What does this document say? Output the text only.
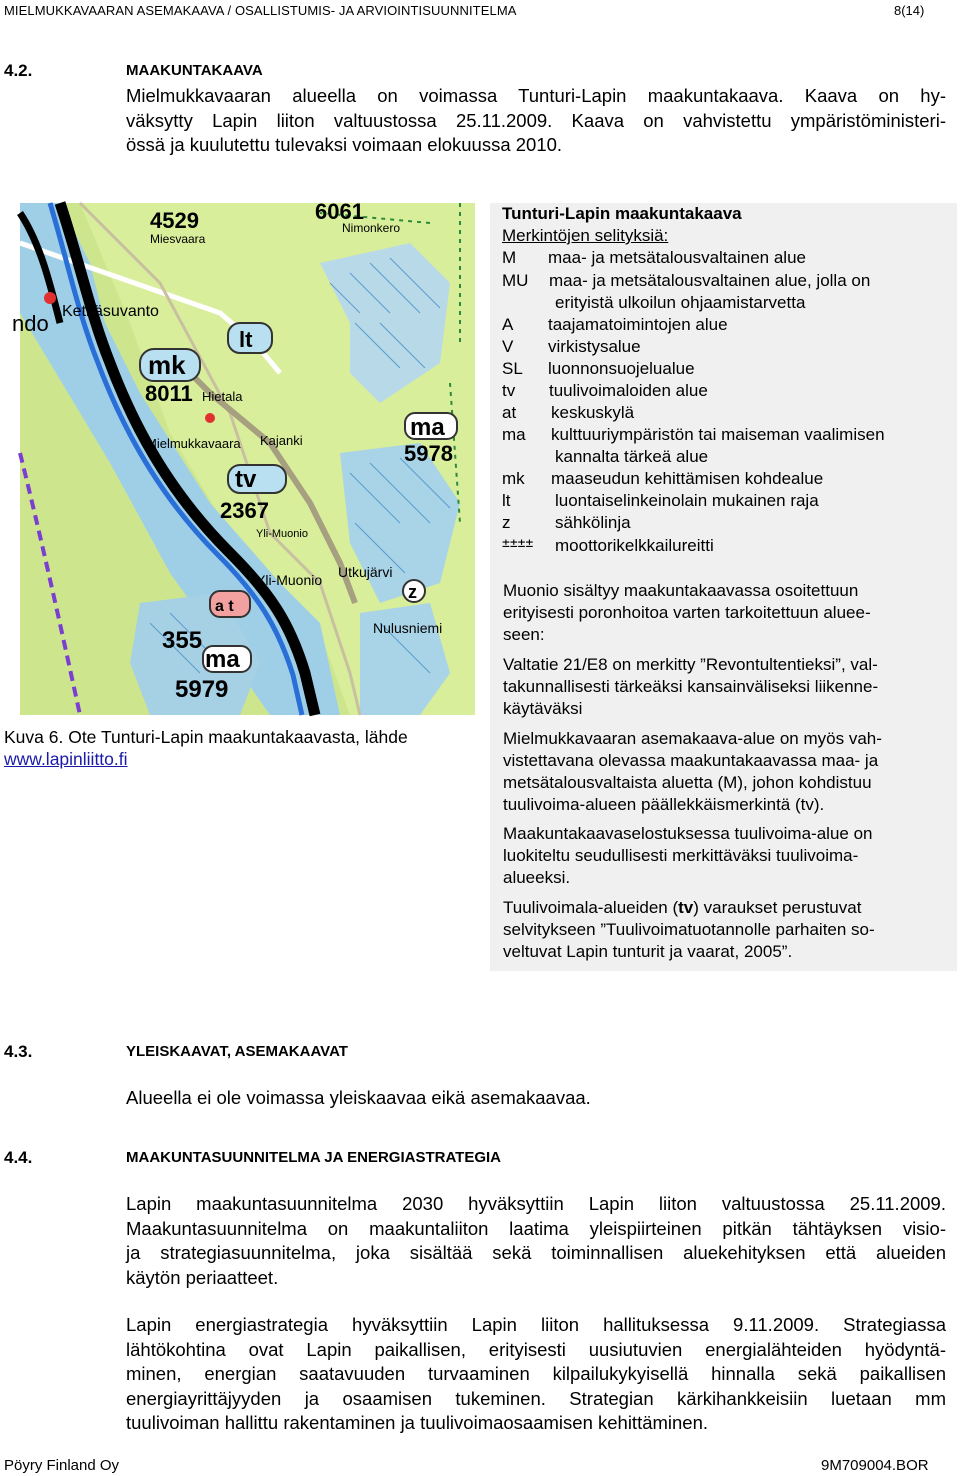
MIELMUKKAVAARAN ASEMAKAAVA / OSALLISTUMIS- JA ARVIOINTISUUNNITELMA	8(14)
4.2.	MAAKUNTAKAAVA
Mielmukkavaaran alueella on voimassa Tunturi-Lapin maakuntakaava. Kaava on hy-
väksytty Lapin liiton valtuustossa 25.11.2009. Kaava on vahvistettu ympäristöministeri-
össä ja kuulutettu tulevaksi voimaan elokuussa 2010.
4529
Miesvaara
6061
Nimonkero
ndo Ketkäsuvanto
lt
mk
8011 Hietala
Kajanki
Mielmukkavaara
ma
5978
tv
2367
Yli-Muonio
Yli-Muonio Utkujärvi
z
a t
355
ma
5979
Nulusniemi
Kuva 6. Ote Tunturi-Lapin maakuntakaavasta, lähde
www.lapinliitto.fi
Tunturi-Lapin maakuntakaava
Merkintöjen selityksiä:
M maa- ja metsätalousvaltainen alue
MU maa- ja metsätalousvaltainen alue, jolla on
erityistä ulkoilun ohjaamistarvetta
A taajamatoimintojen alue
V virkistysalue
SL luonnonsuojelualue
tv tuulivoimaloiden alue
at keskuskylä
ma kulttuuriympäristön tai maiseman vaalimisen
kannalta tärkeä alue
mk maaseudun kehittämisen kohdealue
lt	luontaiselinkeinolain mukainen raja
z	sähkölinja
±±±± moottorikelkkailureitti
Muonio sisältyy maakuntakaavassa osoitettuun
erityisesti poronhoitoa varten tarkoitettuun aluee-
seen:
Valtatie 21/E8 on merkitty ”Revontultentieksi”, val-
takunnallisesti tärkeäksi kansainväliseksi liikenne-
käytäväksi
Mielmukkavaaran asemakaava-alue on myös vah-
vistettavana olevassa maakuntakaavassa maa- ja
metsätalousvaltaista aluetta (M), johon kohdistuu
tuulivoima-alueen päällekkäismerkintä (tv).
Maakuntakaavaselostuksessa tuulivoima-alue on
luokiteltu seudullisesti merkittäväksi tuulivoima-
alueeksi.
Tuulivoimala-alueiden (tv) varaukset perustuvat
selvitykseen ”Tuulivoimatuotannolle parhaiten so-
veltuvat Lapin tunturit ja vaarat, 2005”.
4.3.	YLEISKAAVAT, ASEMAKAAVAT
Alueella ei ole voimassa yleiskaavaa eikä asemakaavaa.
4.4.	MAAKUNTASUUNNITELMA JA ENERGIASTRATEGIA
Lapin maakuntasuunnitelma 2030 hyväksyttiin Lapin liiton valtuustossa 25.11.2009.
Maakuntasuunnitelma on maakuntaliiton laatima yleispiirteinen pitkän tähtäyksen visio-
ja strategiasuunnitelma, joka sisältää sekä toiminnallisen aluekehityksen että alueiden
käytön periaatteet.
Lapin energiastrategia hyväksyttiin Lapin liiton hallituksessa 9.11.2009. Strategiassa
lähtökohtina ovat Lapin paikallisen, erityisesti uusiutuvien energialähteiden hyödyntä-
minen, energian saatavuuden turvaaminen kilpailukykyisellä hinnalla sekä paikallisen
energiayrittäjyyden ja osaamisen tukeminen. Strategian kärkihankkeisiin luetaan mm
tuulivoiman hallittu rakentaminen ja tuulivoimaosaamisen kehittäminen.
Pöyry Finland Oy	9M709004.BOR
